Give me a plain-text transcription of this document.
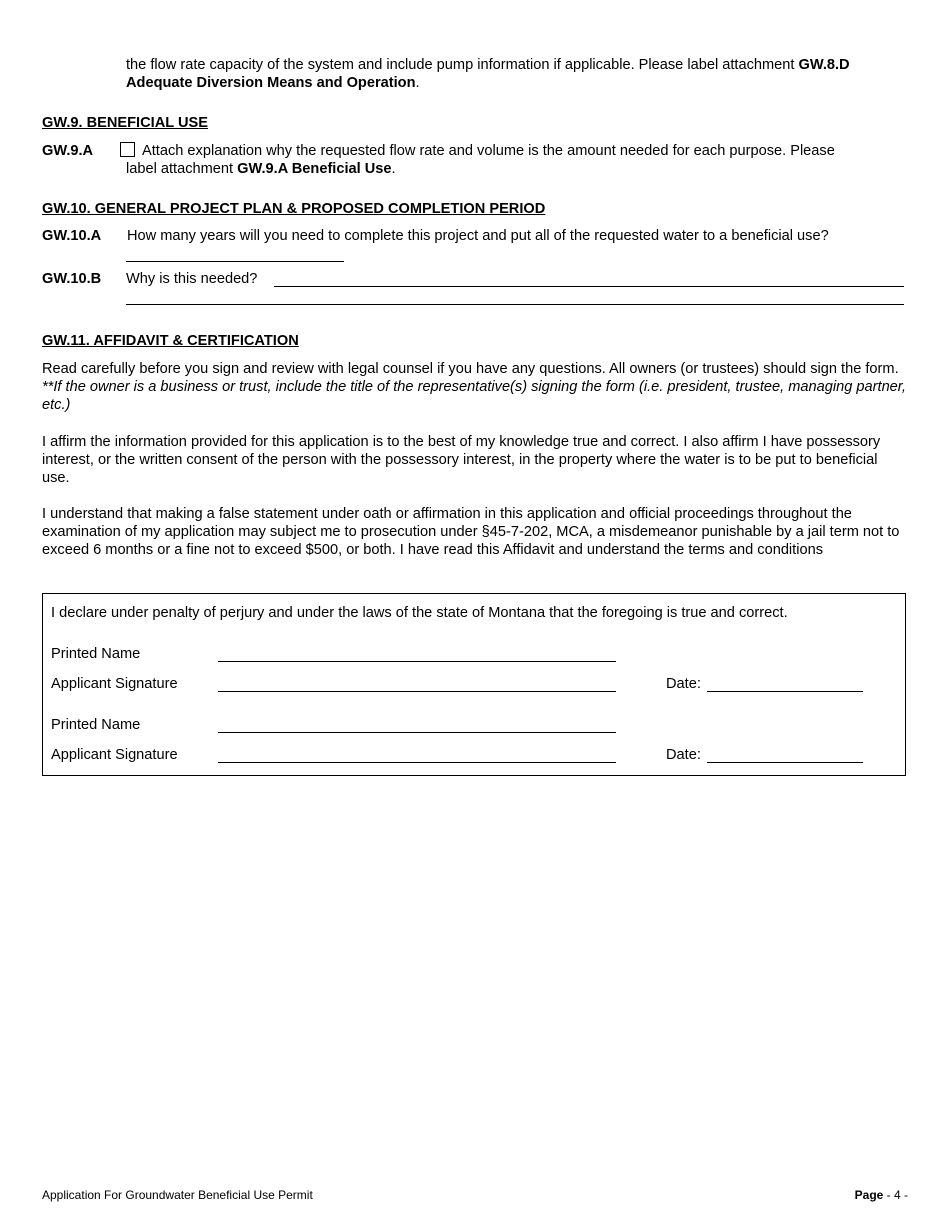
the flow rate capacity of the system and include pump information if applicable. Please label attachment GW.8.D
Adequate Diversion Means and Operation.
GW.9. BENEFICIAL USE
GW.9.A	Attach explanation why the requested flow rate and volume is the amount needed for each purpose. Please
label attachment GW.9.A Beneficial Use.
GW.10. GENERAL PROJECT PLAN & PROPOSED COMPLETION PERIOD
GW.10.A How many years will you need to complete this project and put all of the requested water to a beneficial use?
GW.10.B Why is this needed?
GW.11. AFFIDAVIT & CERTIFICATION
Read carefully before you sign and review with legal counsel if you have any questions. All owners (or trustees) should sign the form. **If the owner is a business or trust, include the title of the representative(s) signing the form (i.e. president, trustee, managing partner, etc.)
I affirm the information provided for this application is to the best of my knowledge true and correct. I also affirm I have possessory interest, or the written consent of the person with the possessory interest, in the property where the water is to be put to beneficial use.
I understand that making a false statement under oath or affirmation in this application and official proceedings throughout the examination of my application may subject me to prosecution under §45-7-202, MCA, a misdemeanor punishable by a jail term not to exceed 6 months or a fine not to exceed $500, or both. I have read this Affidavit and understand the terms and conditions
I declare under penalty of perjury and under the laws of the state of Montana that the foregoing is true and correct.
Printed Name
Applicant Signature	Date:
Printed Name
Applicant Signature	Date:
Application For Groundwater Beneficial Use Permit	Page - 4 -
